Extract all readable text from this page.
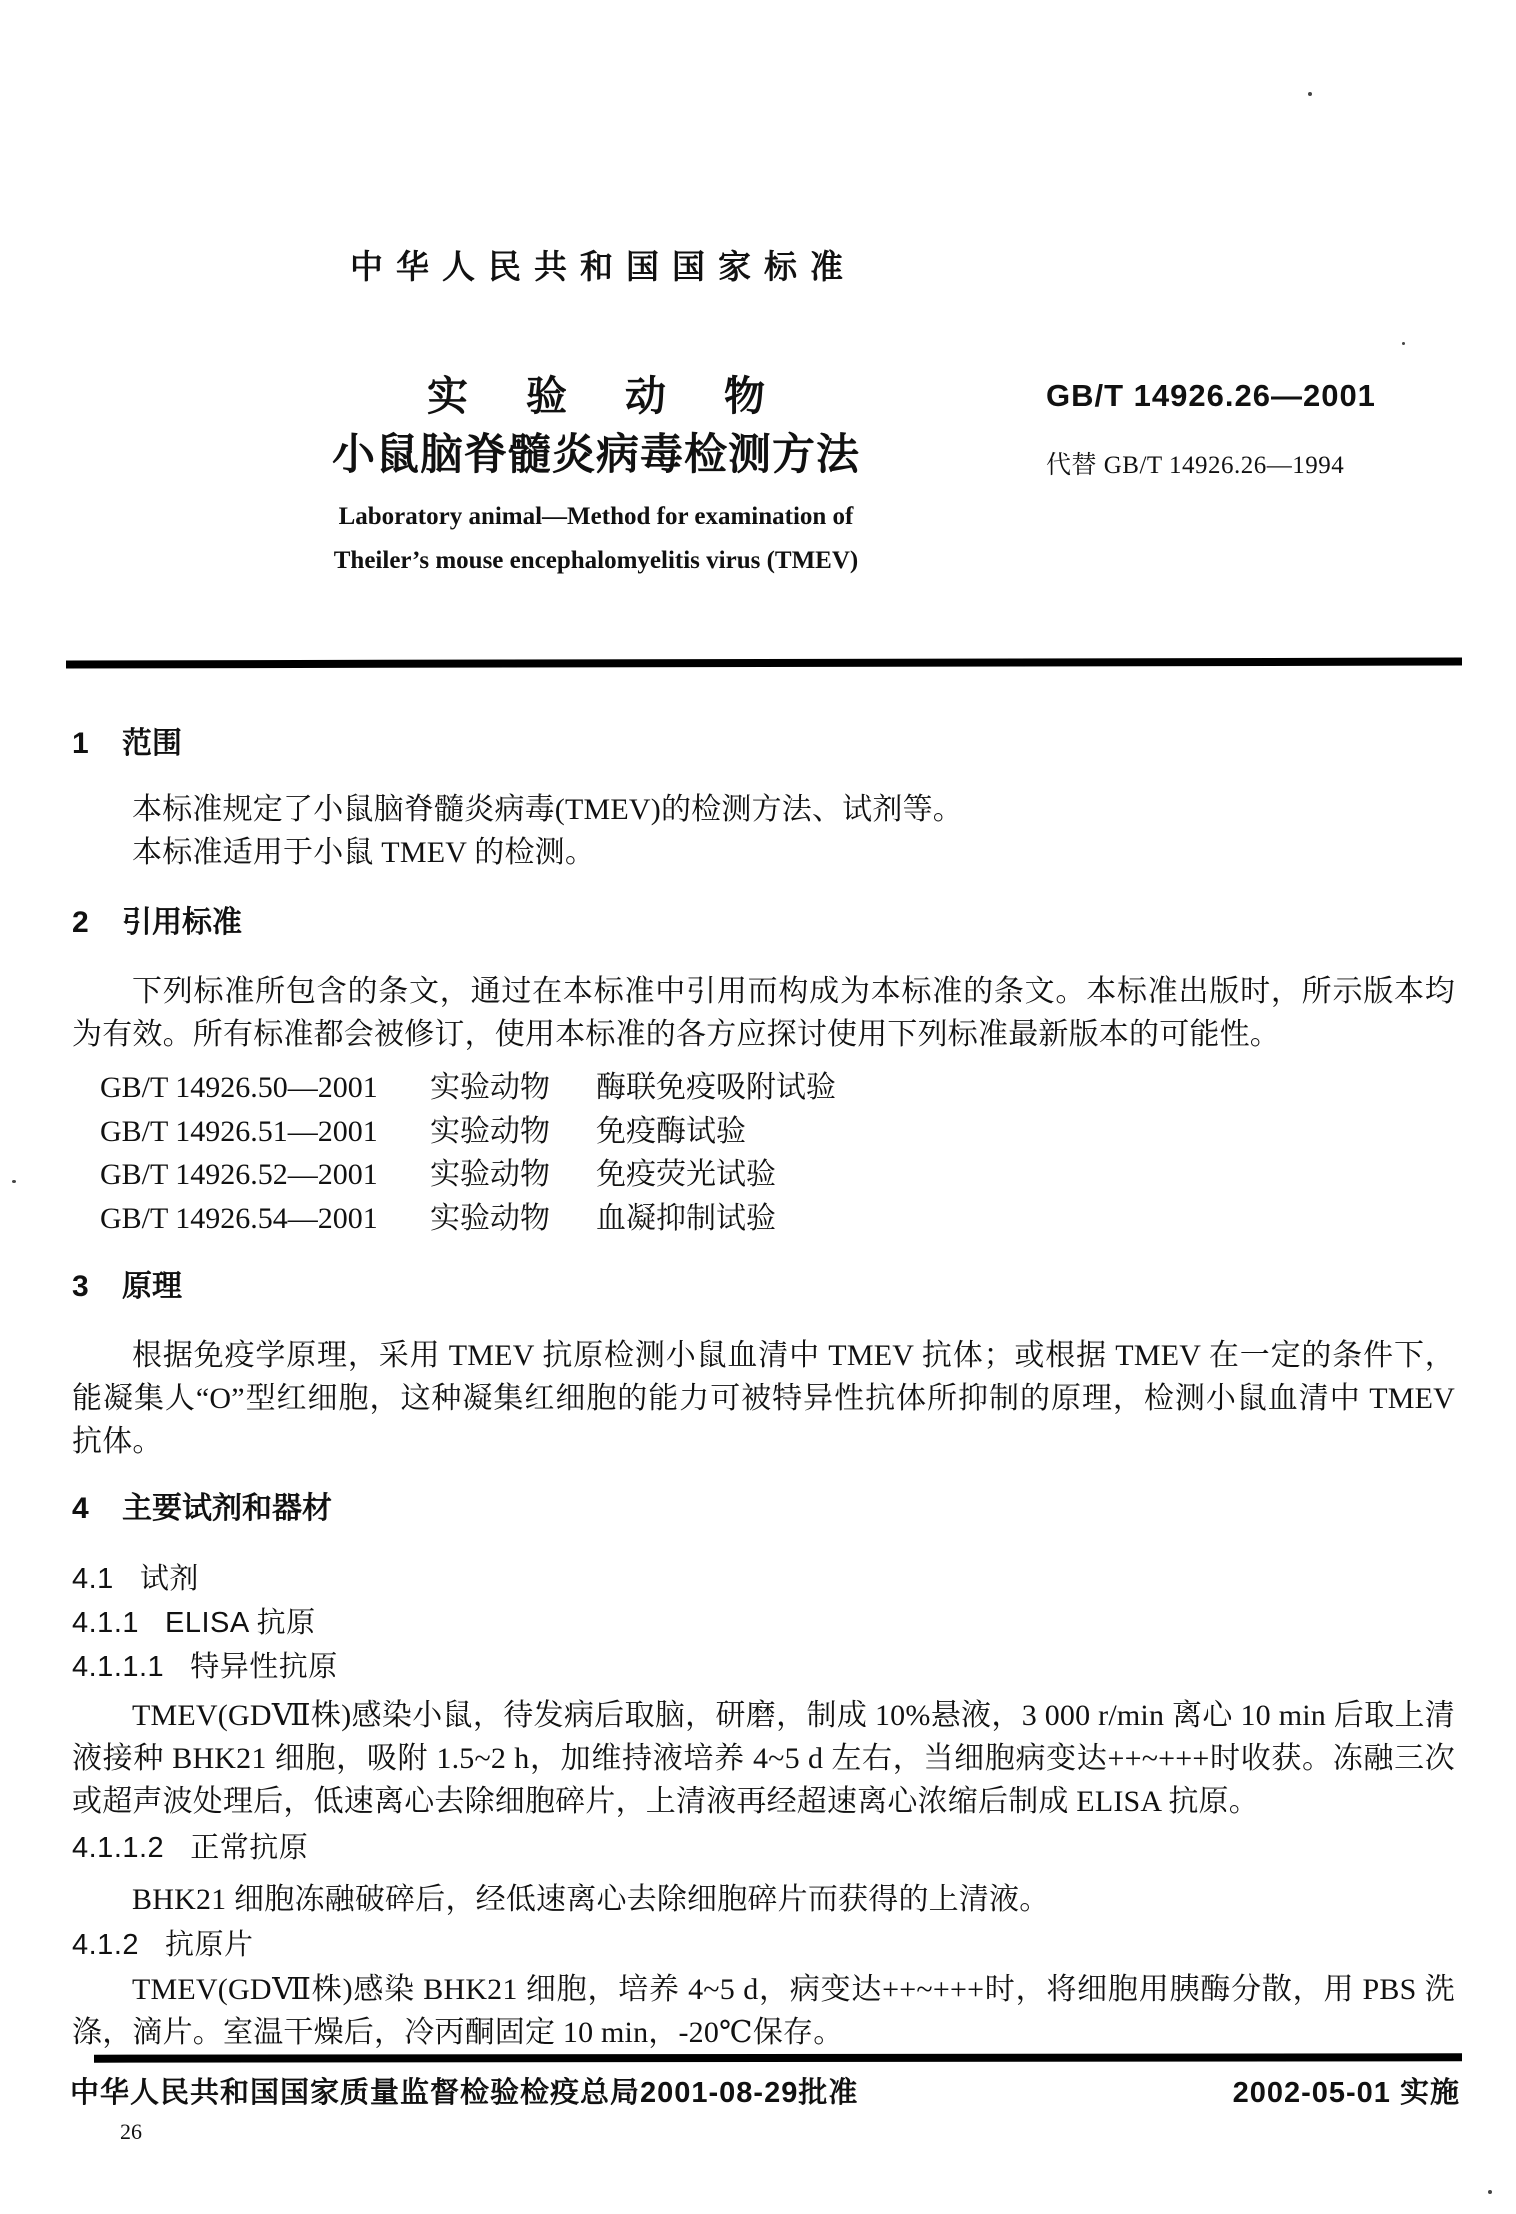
中华人民共和国国家标准
实验动物
小鼠脑脊髓炎病毒检测方法
GB/T 14926.26—2001
代替 GB/T 14926.26—1994
Laboratory animal—Method for examination of
Theiler’s mouse encephalomyelitis virus (TMEV)
1 范围

本标准规定了小鼠脑脊髓炎病毒(TMEV)的检测方法、试剂等。

本标准适用于小鼠 TMEV 的检测。

2 引用标准

下列标准所包含的条文，通过在本标准中引用而构成为本标准的条文。本标准出版时，所示版本均为有效。所有标准都会被修订，使用本标准的各方应探讨使用下列标准最新版本的可能性。

GB/T 14926.50—2001 实验动物 酶联免疫吸附试验
GB/T 14926.51—2001 实验动物 免疫酶试验
GB/T 14926.52—2001 实验动物 免疫荧光试验
GB/T 14926.54—2001 实验动物 血凝抑制试验
3 原理

根据免疫学原理，采用 TMEV 抗原检测小鼠血清中 TMEV 抗体；或根据 TMEV 在一定的条件下，能凝集人“O”型红细胞，这种凝集红细胞的能力可被特异性抗体所抑制的原理，检测小鼠血清中 TMEV 抗体。

4 主要试剂和器材
4.1 试剂
4.1.1 ELISA 抗原
4.1.1.1 特异性抗原

TMEV(GDⅦ株)感染小鼠，待发病后取脑，研磨，制成 10%悬液，3 000 r/min 离心 10 min 后取上清液接种 BHK21 细胞，吸附 1.5~2 h，加维持液培养 4~5 d 左右，当细胞病变达++~+++时收获。冻融三次或超声波处理后，低速离心去除细胞碎片，上清液再经超速离心浓缩后制成 ELISA 抗原。

4.1.1.2 正常抗原

BHK21 细胞冻融破碎后，经低速离心去除细胞碎片而获得的上清液。

4.1.2 抗原片

TMEV(GDⅦ株)感染 BHK21 细胞，培养 4~5 d，病变达++~+++时，将细胞用胰酶分散，用 PBS 洗涤，滴片。室温干燥后，冷丙酮固定 10 min，-20℃保存。

中华人民共和国国家质量监督检验检疫总局2001-08-29批准	2002-05-01 实施
26
